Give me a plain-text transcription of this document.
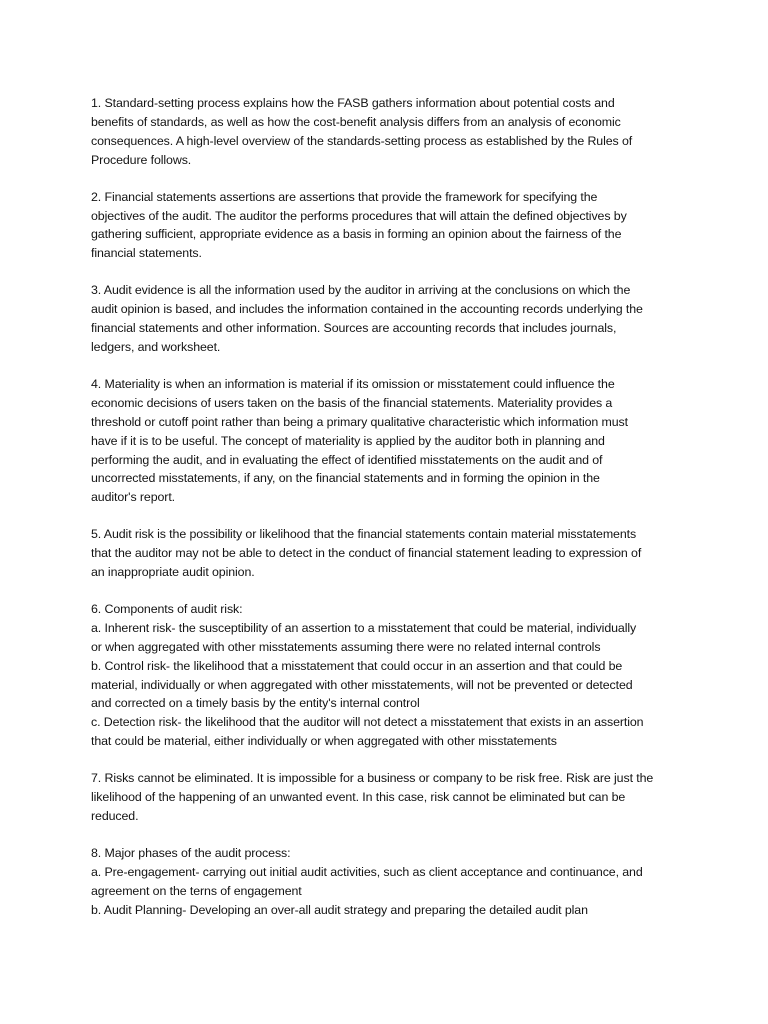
1. Standard-setting process explains how the FASB gathers information about potential costs and
benefits of standards, as well as how the cost-benefit analysis differs from an analysis of economic
consequences. A high-level overview of the standards-setting process as established by the Rules of
Procedure follows.

2. Financial statements assertions are assertions that provide the framework for specifying the
objectives of the audit. The auditor the performs procedures that will attain the defined objectives by
gathering sufficient, appropriate evidence as a basis in forming an opinion about the fairness of the
financial statements.

3. Audit evidence is all the information used by the auditor in arriving at the conclusions on which the
audit opinion is based, and includes the information contained in the accounting records underlying the
financial statements and other information. Sources are accounting records that includes journals,
ledgers, and worksheet.

4. Materiality is when an information is material if its omission or misstatement could influence the
economic decisions of users taken on the basis of the financial statements. Materiality provides a
threshold or cutoff point rather than being a primary qualitative characteristic which information must
have if it is to be useful. The concept of materiality is applied by the auditor both in planning and
performing the audit, and in evaluating the effect of identified misstatements on the audit and of
uncorrected misstatements, if any, on the financial statements and in forming the opinion in the
auditor's report.

5. Audit risk is the possibility or likelihood that the financial statements contain material misstatements
that the auditor may not be able to detect in the conduct of financial statement leading to expression of
an inappropriate audit opinion.

6. Components of audit risk:
a. Inherent risk- the susceptibility of an assertion to a misstatement that could be material, individually
or when aggregated with other misstatements assuming there were no related internal controls
b. Control risk- the likelihood that a misstatement that could occur in an assertion and that could be
material, individually or when aggregated with other misstatements, will not be prevented or detected
and corrected on a timely basis by the entity's internal control
c. Detection risk- the likelihood that the auditor will not detect a misstatement that exists in an assertion
that could be material, either individually or when aggregated with other misstatements

7. Risks cannot be eliminated. It is impossible for a business or company to be risk free. Risk are just the
likelihood of the happening of an unwanted event. In this case, risk cannot be eliminated but can be
reduced.

8. Major phases of the audit process:
a. Pre-engagement- carrying out initial audit activities, such as client acceptance and continuance, and
agreement on the terns of engagement
b. Audit Planning- Developing an over-all audit strategy and preparing the detailed audit plan
